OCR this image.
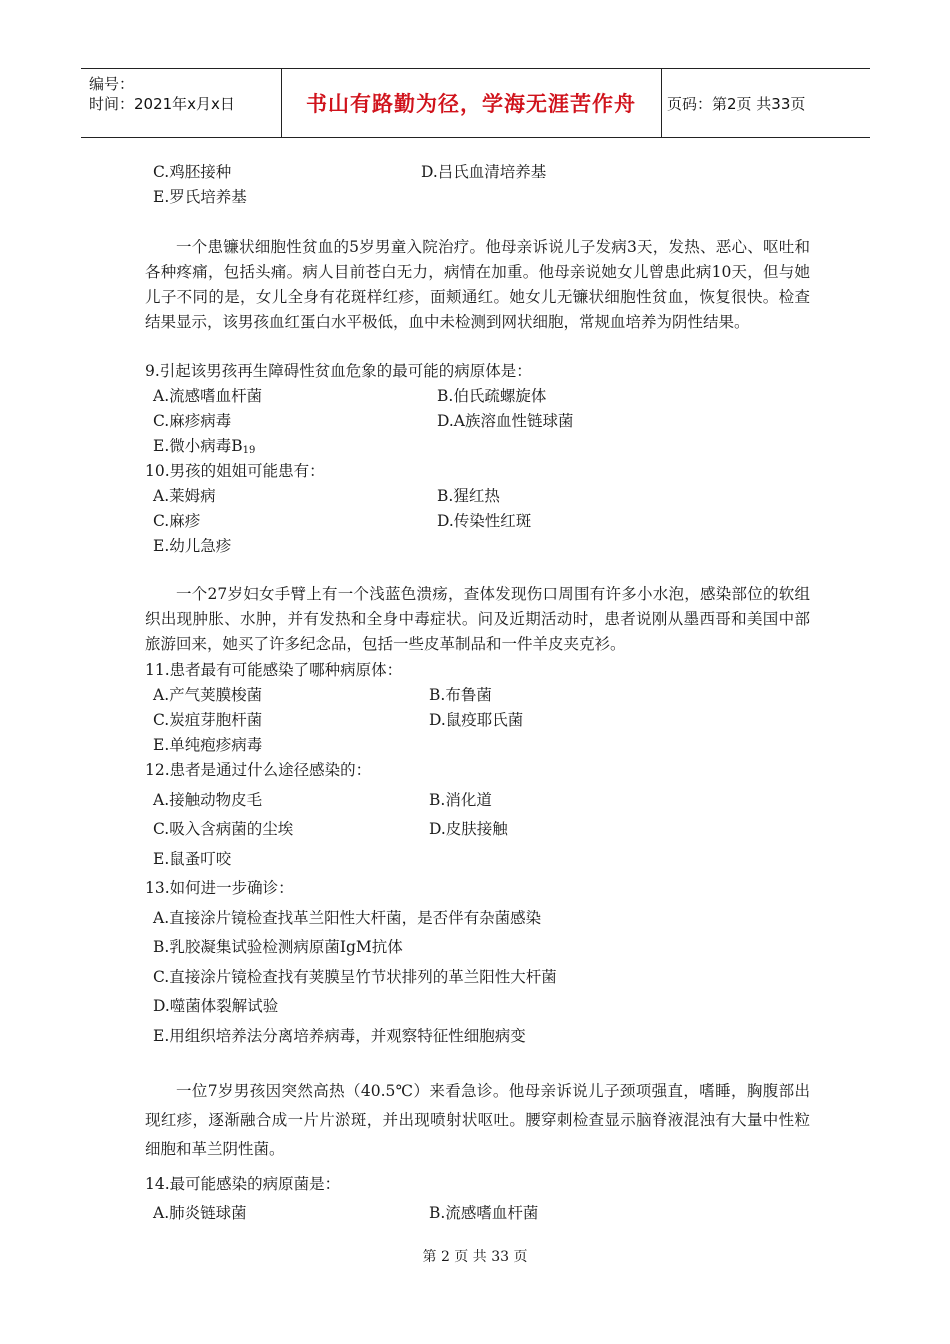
编号：
时间：2021年x月x日	书山有路勤为径，学海无涯苦作舟	页码：第2页 共33页
C.鸡胚接种	D.吕氏血清培养基
E.罗氏培养基
一个患镰状细胞性贫血的5岁男童入院治疗。他母亲诉说儿子发病3天，发热、恶心、呕吐和各种疼痛，包括头痛。病人目前苍白无力，病情在加重。他母亲说她女儿曾患此病10天，但与她儿子不同的是，女儿全身有花斑样红疹，面颊通红。她女儿无镰状细胞性贫血，恢复很快。检查结果显示，该男孩血红蛋白水平极低，血中未检测到网状细胞，常规血培养为阴性结果。
9.引起该男孩再生障碍性贫血危象的最可能的病原体是：
A.流感嗜血杆菌	B.伯氏疏螺旋体
C.麻疹病毒	D.A族溶血性链球菌
E.微小病毒$B_{19}$
10.男孩的姐姐可能患有：
A.莱姆病	B.猩红热
C.麻疹	D.传染性红斑
E.幼儿急疹
一个27岁妇女手臂上有一个浅蓝色溃疡，查体发现伤口周围有许多小水泡，感染部位的软组织出现肿胀、水肿，并有发热和全身中毒症状。问及近期活动时，患者说刚从墨西哥和美国中部旅游回来，她买了许多纪念品，包括一些皮革制品和一件羊皮夹克衫。
11.患者最有可能感染了哪种病原体：
A.产气荚膜梭菌	B.布鲁菌
C.炭疽芽胞杆菌	D.鼠疫耶氏菌
E.单纯疱疹病毒
12.患者是通过什么途径感染的：
A.接触动物皮毛	B.消化道
C.吸入含病菌的尘埃	D.皮肤接触
E.鼠蚤叮咬
13.如何进一步确诊：
A.直接涂片镜检查找革兰阳性大杆菌，是否伴有杂菌感染
B.乳胶凝集试验检测病原菌IgM抗体
C.直接涂片镜检查找有荚膜呈竹节状排列的革兰阳性大杆菌
D.噬菌体裂解试验
E.用组织培养法分离培养病毒，并观察特征性细胞病变
一位7岁男孩因突然高热（40.5℃）来看急诊。他母亲诉说儿子颈项强直，嗜睡，胸腹部出现红疹，逐渐融合成一片片淤斑，并出现喷射状呕吐。腰穿刺检查显示脑脊液混浊有大量中性粒细胞和革兰阴性菌。
14.最可能感染的病原菌是：
A.肺炎链球菌	B.流感嗜血杆菌
第 2 页 共 33 页
